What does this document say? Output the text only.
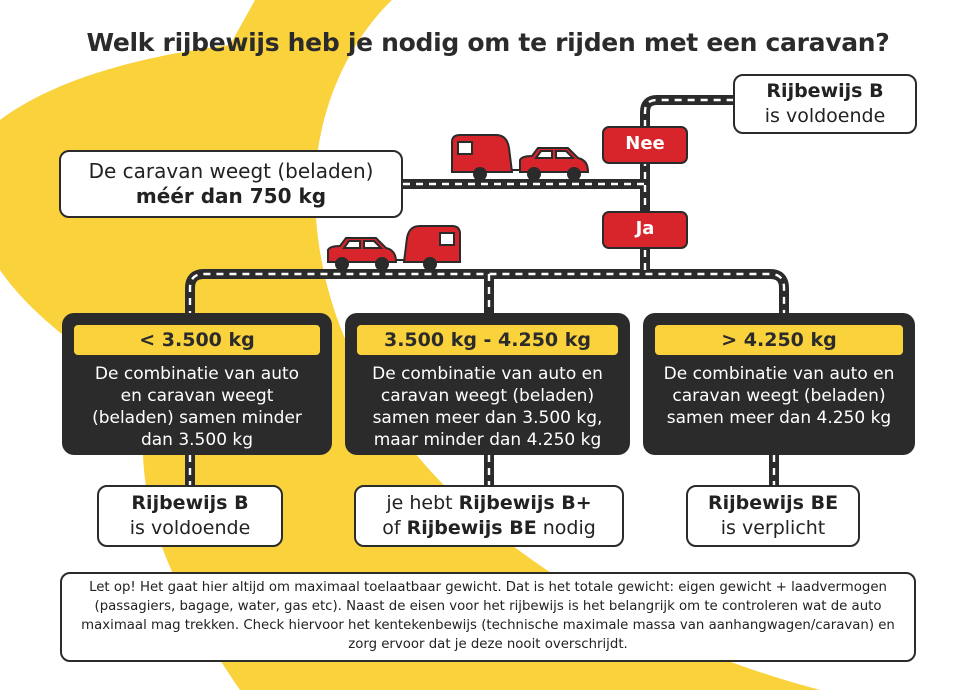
Welk rijbewijs heb je nodig om te rijden met een caravan?
De caravan weegt (beladen)
méér dan 750 kg
Nee
Ja
Rijbewijs B
is voldoende
< 3.500 kg
De combinatie van auto en caravan weegt (beladen) samen minder dan 3.500 kg
3.500 kg - 4.250 kg
De combinatie van auto en caravan weegt (beladen) samen meer dan 3.500 kg, maar minder dan 4.250 kg
> 4.250 kg
De combinatie van auto en caravan weegt (beladen) samen meer dan 4.250 kg
Rijbewijs B
is voldoende
je hebt Rijbewijs B+
of Rijbewijs BE nodig
Rijbewijs BE
is verplicht
Let op! Het gaat hier altijd om maximaal toelaatbaar gewicht. Dat is het totale gewicht: eigen gewicht + laadvermogen (passagiers, bagage, water, gas etc). Naast de eisen voor het rijbewijs is het belangrijk om te controleren wat de auto maximaal mag trekken. Check hiervoor het kentekenbewijs (technische maximale massa van aanhangwagen/caravan) en zorg ervoor dat je deze nooit overschrijdt.
